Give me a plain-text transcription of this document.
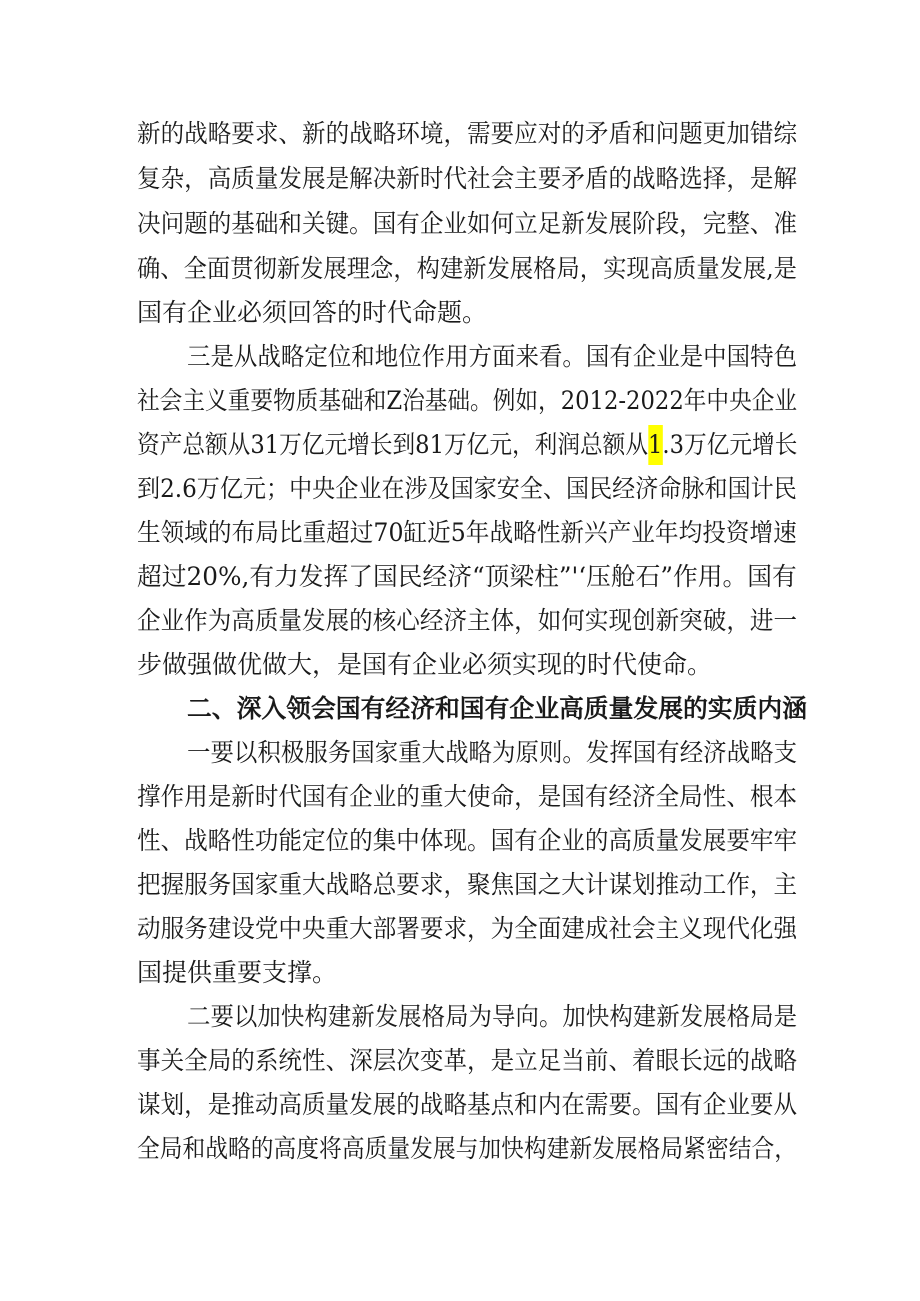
新的战略要求、新的战略环境，需要应对的矛盾和问题更加错综
复杂，高质量发展是解决新时代社会主要矛盾的战略选择，是解
决问题的基础和关键。国有企业如何立足新发展阶段，完整、准
确、全面贯彻新发展理念，构建新发展格局，实现高质量发展,是
国有企业必须回答的时代命题。
三是从战略定位和地位作用方面来看。国有企业是中国特色
社会主义重要物质基础和Z治基础。例如，2012-2022年中央企业
资产总额从31万亿元增长到81万亿元，利润总额从1.3万亿元增长
到2.6万亿元；中央企业在涉及国家安全、国民经济命脉和国计民
生领域的布局比重超过70缸近5年战略性新兴产业年均投资增速
超过20%,有力发挥了国民经济“顶梁柱”'‘压舱石”作用。国有
企业作为高质量发展的核心经济主体，如何实现创新突破，进一
步做强做优做大，是国有企业必须实现的时代使命。
二、深入领会国有经济和国有企业高质量发展的实质内涵
一要以积极服务国家重大战略为原则。发挥国有经济战略支
撑作用是新时代国有企业的重大使命，是国有经济全局性、根本
性、战略性功能定位的集中体现。国有企业的高质量发展要牢牢
把握服务国家重大战略总要求，聚焦国之大计谋划推动工作，主
动服务建设党中央重大部署要求，为全面建成社会主义现代化强
国提供重要支撑。
二要以加快构建新发展格局为导向。加快构建新发展格局是
事关全局的系统性、深层次变革，是立足当前、着眼长远的战略
谋划，是推动高质量发展的战略基点和内在需要。国有企业要从
全局和战略的高度将高质量发展与加快构建新发展格局紧密结合，
